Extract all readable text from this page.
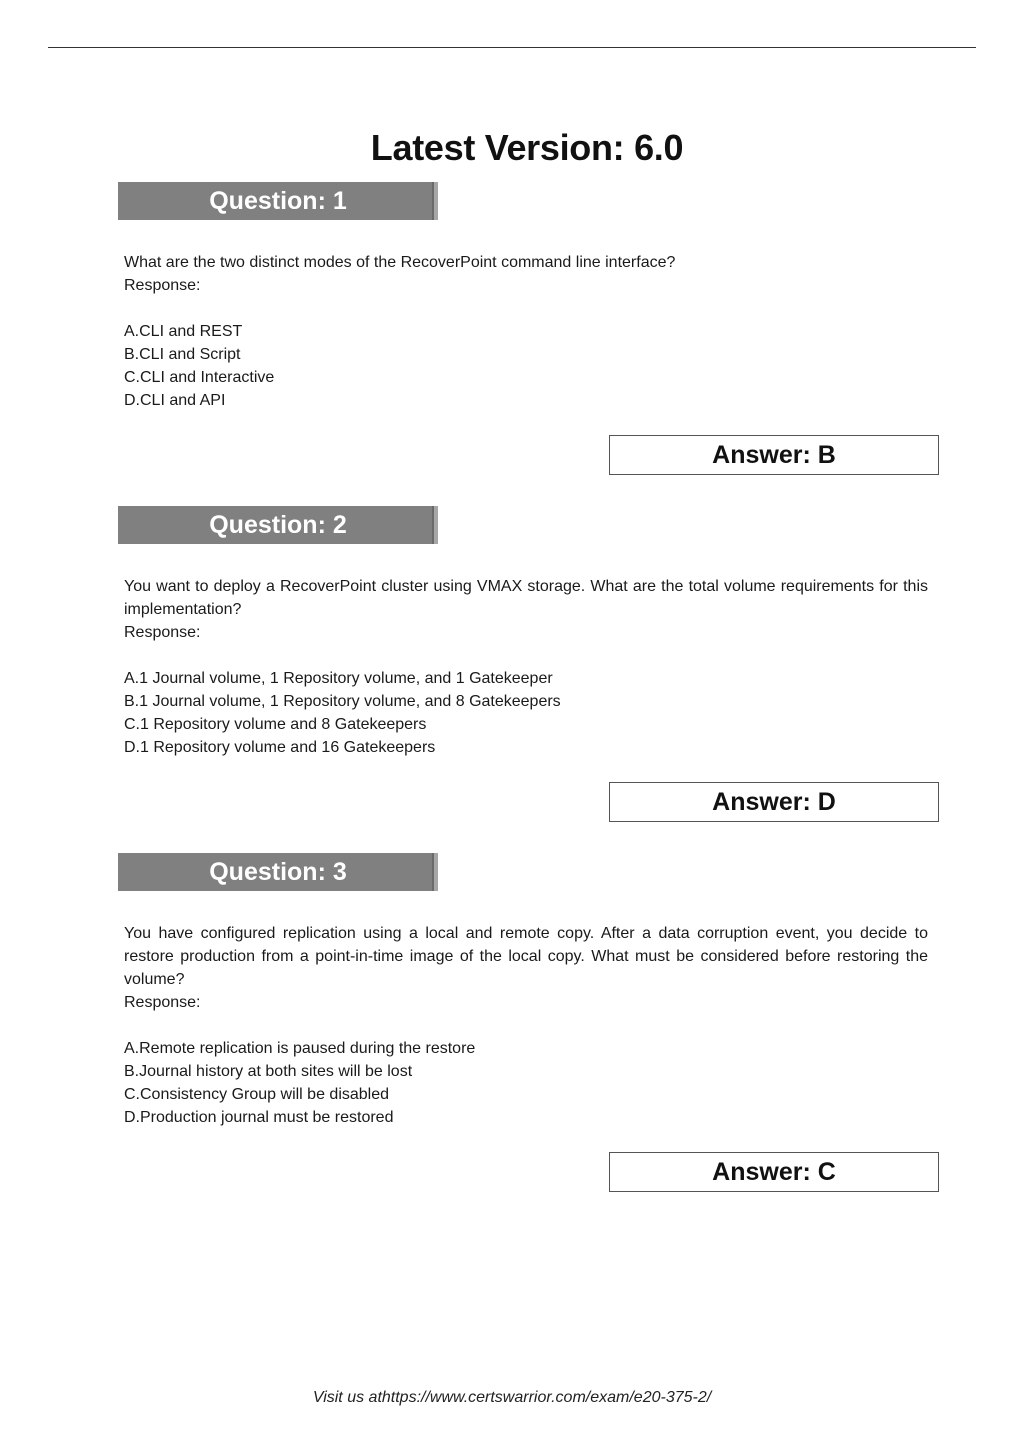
Latest Version: 6.0
Question: 1
What are the two distinct modes of the RecoverPoint command line interface?
Response:
A.CLI and REST
B.CLI and Script
C.CLI and Interactive
D.CLI and API
Answer: B
Question: 2
You want to deploy a RecoverPoint cluster using VMAX storage. What are the total volume requirements for this implementation?
Response:
A.1 Journal volume, 1 Repository volume, and 1 Gatekeeper
B.1 Journal volume, 1 Repository volume, and 8 Gatekeepers
C.1 Repository volume and 8 Gatekeepers
D.1 Repository volume and 16 Gatekeepers
Answer: D
Question: 3
You have configured replication using a local and remote copy. After a data corruption event, you decide to restore production from a point-in-time image of the local copy. What must be considered before restoring the volume?
Response:
A.Remote replication is paused during the restore
B.Journal history at both sites will be lost
C.Consistency Group will be disabled
D.Production journal must be restored
Answer: C
Visit us athttps://www.certswarrior.com/exam/e20-375-2/
